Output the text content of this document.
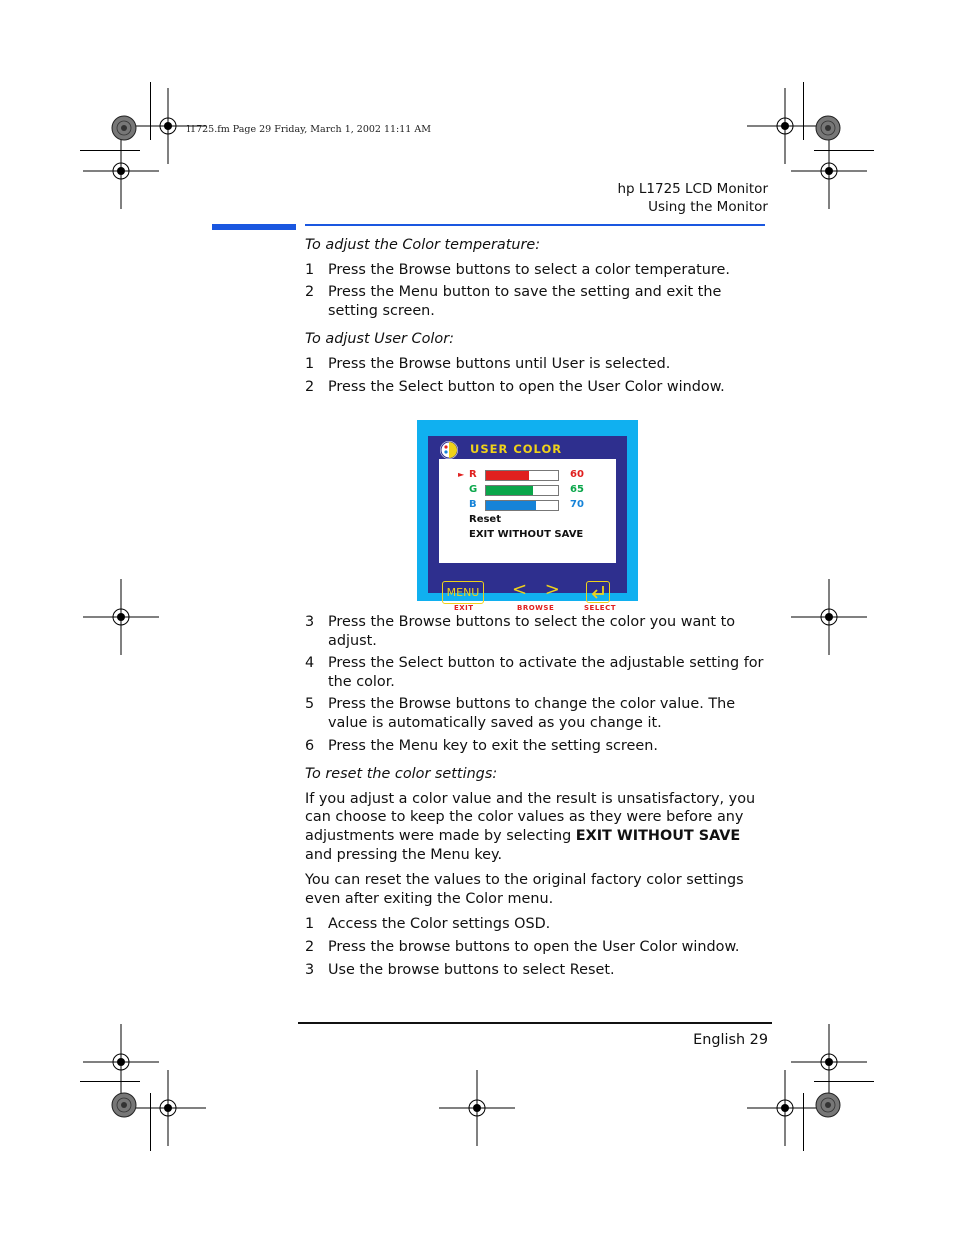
l1725.fm Page 29 Friday, March 1, 2002 11:11 AM
hp L1725 LCD Monitor
Using the Monitor
To adjust the Color temperature:
1 Press the Browse buttons to select a color temperature.
2 Press the Menu button to save the setting and exit the setting screen.
To adjust User Color:
1 Press the Browse buttons until User is selected.
2 Press the Select button to open the User Color window.
USER COLOR
► R	60
G	65
B	70
Reset
EXIT WITHOUT SAVE
MENU < >
EXIT	BROWSE	SELECT
3 Press the Browse buttons to select the color you want to adjust.
4 Press the Select button to activate the adjustable setting for the color.
5 Press the Browse buttons to change the color value. The value is automatically saved as you change it.
6 Press the Menu key to exit the setting screen.
To reset the color settings:

If you adjust a color value and the result is unsatisfactory, you can choose to keep the color values as they were before any adjustments were made by selecting EXIT WITHOUT SAVE and pressing the Menu key.

You can reset the values to the original factory color settings even after exiting the Color menu.

1 Access the Color settings OSD.
2 Press the browse buttons to open the User Color window.
3 Use the browse buttons to select Reset.
English 29
